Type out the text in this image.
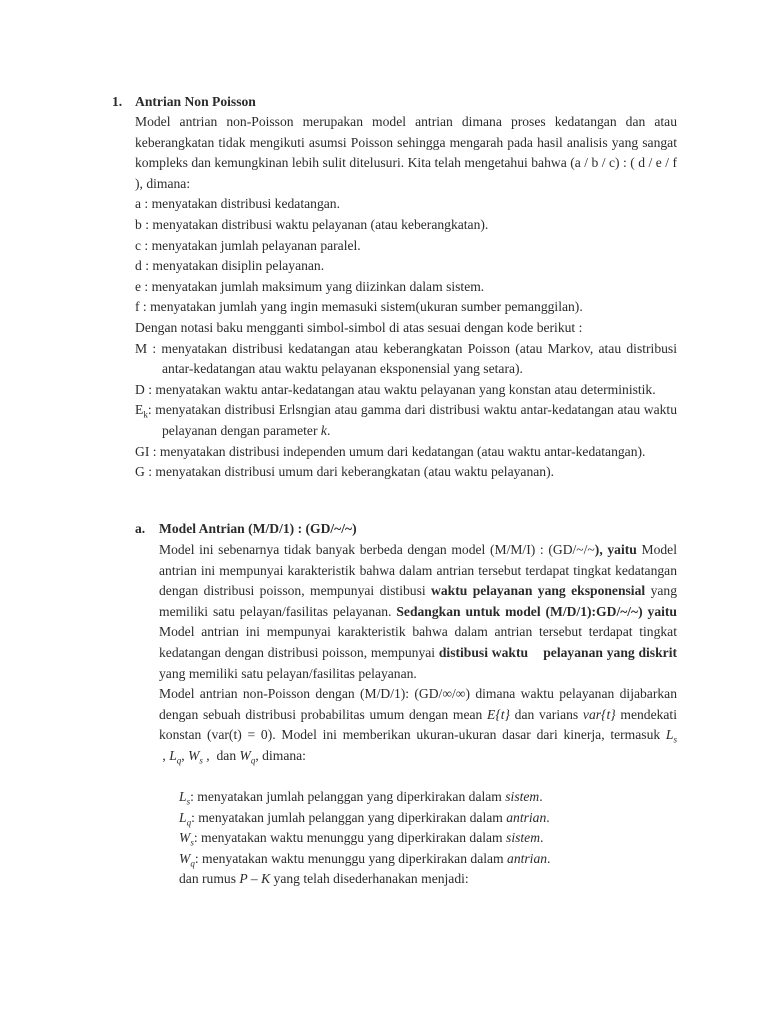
1. Antrian Non Poisson

Model antrian non-Poisson merupakan model antrian dimana proses kedatangan dan atau keberangkatan tidak mengikuti asumsi Poisson sehingga mengarah pada hasil analisis yang sangat kompleks dan kemungkinan lebih sulit ditelusuri. Kita telah mengetahui bahwa (a / b / c) : ( d / e / f ), dimana:

a : menyatakan distribusi kedatangan.

b : menyatakan distribusi waktu pelayanan (atau keberangkatan).

c : menyatakan jumlah pelayanan paralel.

d : menyatakan disiplin pelayanan.

e : menyatakan jumlah maksimum yang diizinkan dalam sistem.

f : menyatakan jumlah yang ingin memasuki sistem(ukuran sumber pemanggilan).

Dengan notasi baku mengganti simbol-simbol di atas sesuai dengan kode berikut :

M : menyatakan distribusi kedatangan atau keberangkatan Poisson (atau Markov, atau distribusi antar-kedatangan atau waktu pelayanan eksponensial yang setara).

D : menyatakan waktu antar-kedatangan atau waktu pelayanan yang konstan atau deterministik.

$E_k$: menyatakan distribusi Erlsngian atau gamma dari distribusi waktu antar-kedatangan atau waktu pelayanan dengan parameter k.

GI : menyatakan distribusi independen umum dari kedatangan (atau waktu antar-kedatangan).

G : menyatakan distribusi umum dari keberangkatan (atau waktu pelayanan).

a. Model Antrian (M/D/1) : (GD/~/~)

Model ini sebenarnya tidak banyak berbeda dengan model (M/M/I) : (GD/~/~), yaitu Model antrian ini mempunyai karakteristik bahwa dalam antrian tersebut terdapat tingkat kedatangan dengan distribusi poisson, mempunyai distibusi waktu pelayanan yang eksponensial yang memiliki satu pelayan/fasilitas pelayanan. Sedangkan untuk model (M/D/1):GD/~/~) yaitu Model antrian ini mempunyai karakteristik bahwa dalam antrian tersebut terdapat tingkat kedatangan dengan distribusi poisson, mempunyai distibusi waktu    pelayanan yang diskrit yang memiliki satu pelayan/fasilitas pelayanan.

Model antrian non-Poisson dengan (M/D/1): (GD/∞/∞) dimana waktu pelayanan dijabarkan dengan sebuah distribusi probabilitas umum dengan mean E{t} dan varians var{t} mendekati konstan (var(t) = 0). Model ini memberikan ukuran-ukuran dasar dari kinerja, termasuk $L_s$ , $L_q$, $W_s$ ,  dan $W_q$, dimana:

$L_s$: menyatakan jumlah pelanggan yang diperkirakan dalam sistem.

$L_q$: menyatakan jumlah pelanggan yang diperkirakan dalam antrian.

$W_s$: menyatakan waktu menunggu yang diperkirakan dalam sistem.

$W_q$: menyatakan waktu menunggu yang diperkirakan dalam antrian.

dan rumus P – K yang telah disederhanakan menjadi:
